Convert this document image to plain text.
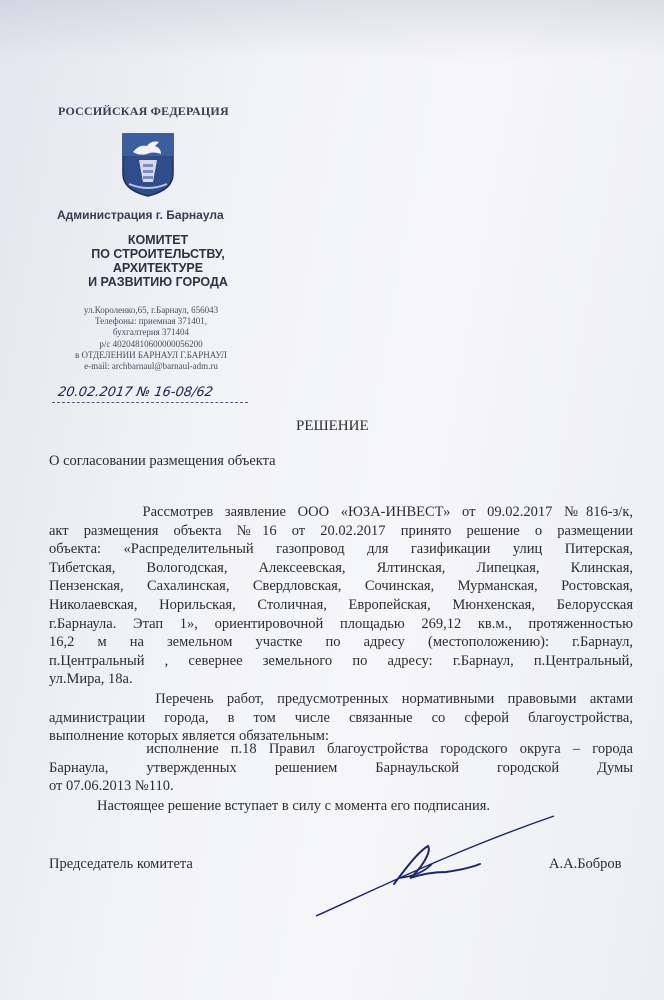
РОССИЙСКАЯ ФЕДЕРАЦИЯ
Администрация г. Барнаула
КОМИТЕТ
ПО СТРОИТЕЛЬСТВУ,
АРХИТЕКТУРЕ
И РАЗВИТИЮ ГОРОДА
ул.Короленко,65, г.Барнаул, 656043
Телефоны: приемная 371401,
бухгалтерия 371404
р/с 40204810600000056200
в ОТДЕЛЕНИИ БАРНАУЛ Г.БАРНАУЛ
e-mail: archbarnaul@barnaul-adm.ru
20.02.2017 № 16-08/62
РЕШЕНИЕ
О согласовании размещения объекта
Рассмотрев заявление ООО «ЮЗА-ИНВЕСТ» от 09.02.2017 №816-з/к,
акт размещения объекта №16 от 20.02.2017 принято решение о размещении
объекта: «Распределительный газопровод для газификации улиц Питерская,
Тибетская, Вологодская, Алексеевская, Ялтинская, Липецкая, Клинская,
Пензенская, Сахалинская, Свердловская, Сочинская, Мурманская, Ростовская,
Николаевская, Норильская, Столичная, Европейская, Мюнхенская, Белорусская
г.Барнаула. Этап 1», ориентировочной площадью 269,12 кв.м., протяженностью
16,2 м на земельном участке по адресу (местоположению): г.Барнаул,
п.Центральный , севернее земельного по адресу: г.Барнаул, п.Центральный,
ул.Мира, 18а.
Перечень работ, предусмотренных нормативными правовыми актами
администрации города, в том числе связанные со сферой благоустройства,
выполнение которых является обязательным:
исполнение п.18 Правил благоустройства городского округа – города
Барнаула, утвержденных решением Барнаульской городской Думы
от 07.06.2013 №110.
Настоящее решение вступает в силу с момента его подписания.
Председатель комитета	А.А.Бобров
